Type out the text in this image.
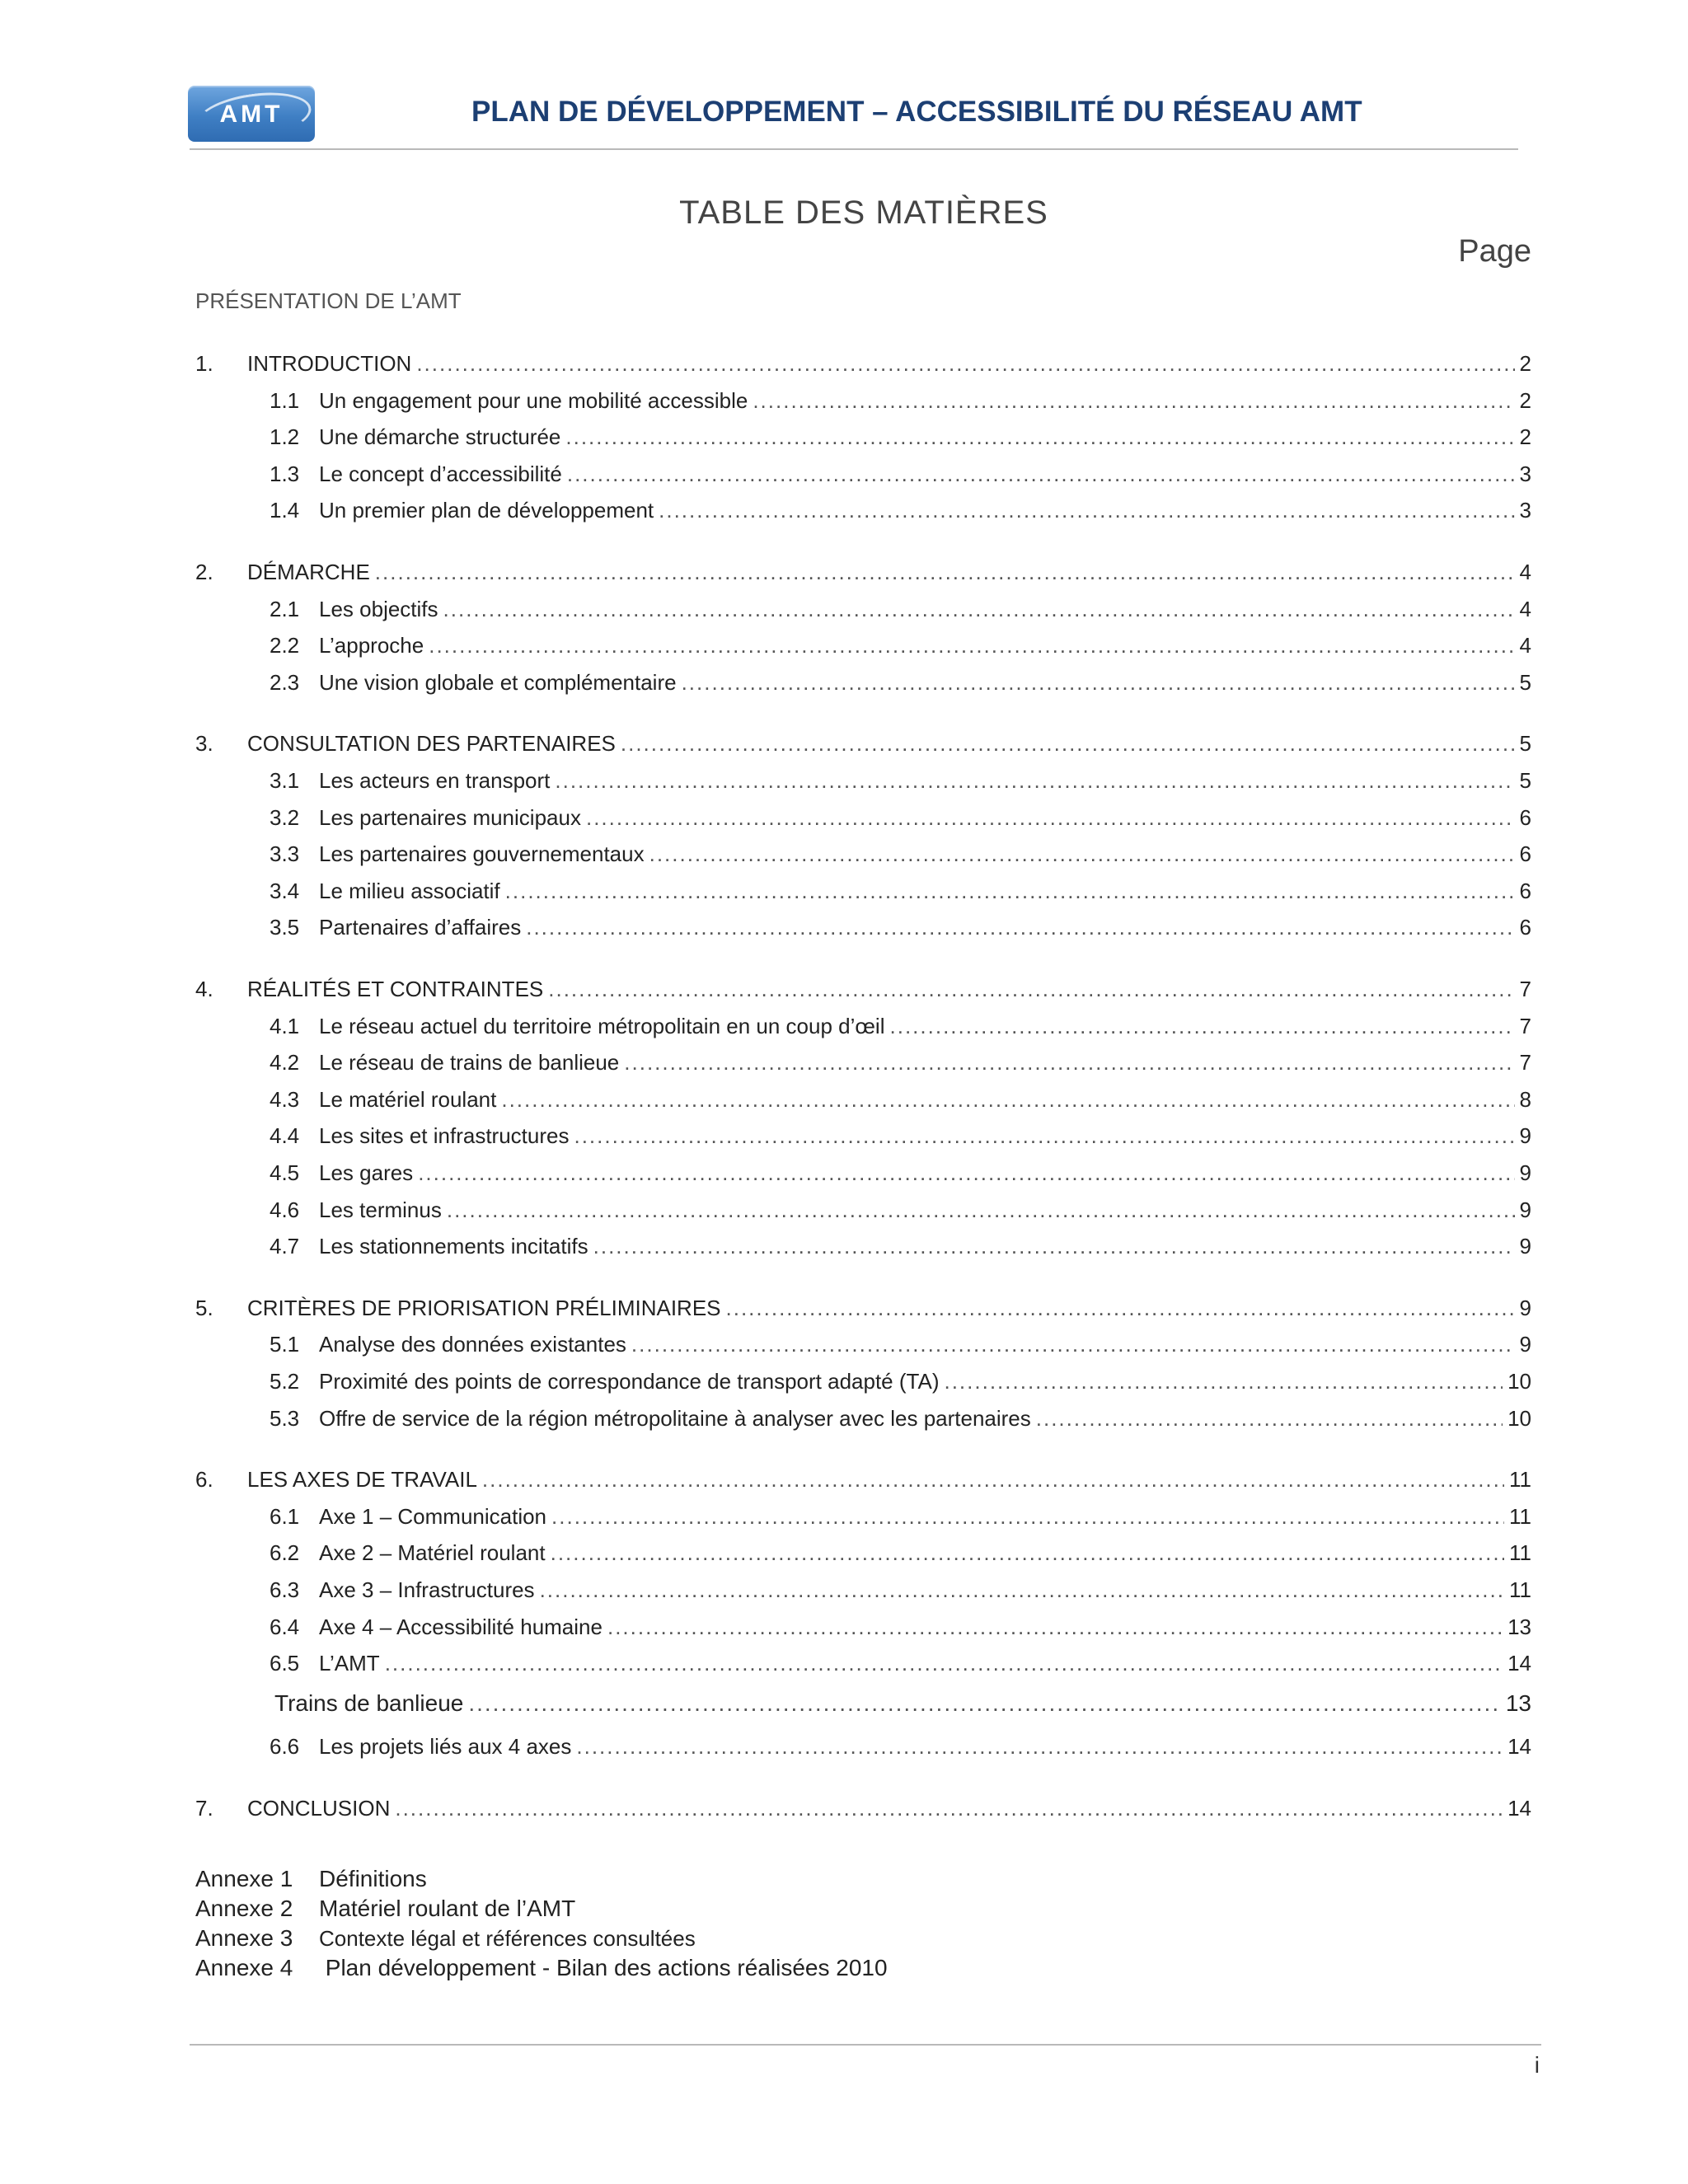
AMT	PLAN DE DÉVELOPPEMENT – ACCESSIBILITÉ DU RÉSEAU AMT
TABLE DES MATIÈRES
Page
PRÉSENTATION DE L’AMT
1.	INTRODUCTION .....	2
1.1 Un engagement pour une mobilité accessible .....	2
1.2 Une démarche structurée .....	2
1.3 Le concept d’accessibilité .....	3
1.4 Un premier plan de développement .....	3
2.	DÉMARCHE .....	4
2.1 Les objectifs .....	4
2.2 L’approche .....	4
2.3 Une vision globale et complémentaire .....	5
3.	CONSULTATION DES PARTENAIRES .....	5
3.1 Les acteurs en transport .....	5
3.2 Les partenaires municipaux .....	6
3.3 Les partenaires gouvernementaux .....	6
3.4 Le milieu associatif .....	6
3.5 Partenaires d’affaires .....	6
4.	RÉALITÉS ET CONTRAINTES .....	7
4.1 Le réseau actuel du territoire métropolitain en un coup d’œil .....	7
4.2 Le réseau de trains de banlieue .....	7
4.3 Le matériel roulant .....	8
4.4 Les sites et infrastructures .....	9
4.5 Les gares .....	9
4.6 Les terminus .....	9
4.7 Les stationnements incitatifs .....	9
5.	CRITÈRES DE PRIORISATION PRÉLIMINAIRES .....	9
5.1 Analyse des données existantes .....	9
5.2 Proximité des points de correspondance de transport adapté (TA) .....	10
5.3 Offre de service de la région métropolitaine à analyser avec les partenaires .....	10
6.	LES AXES DE TRAVAIL .....	11
6.1 Axe 1 – Communication .....	11
6.2 Axe 2 – Matériel roulant .....	11
6.3 Axe 3 – Infrastructures .....	11
6.4 Axe 4 – Accessibilité humaine .....	13
6.5 L’AMT .....	14
Trains de banlieue .....	13
6.6 Les projets liés aux 4 axes .....	14
7.	CONCLUSION .....	14
Annexe 1	Définitions
Annexe 2	Matériel roulant de l’AMT
Annexe 3	Contexte légal et références consultées
Annexe 4	Plan développement - Bilan des actions réalisées 2010
i
